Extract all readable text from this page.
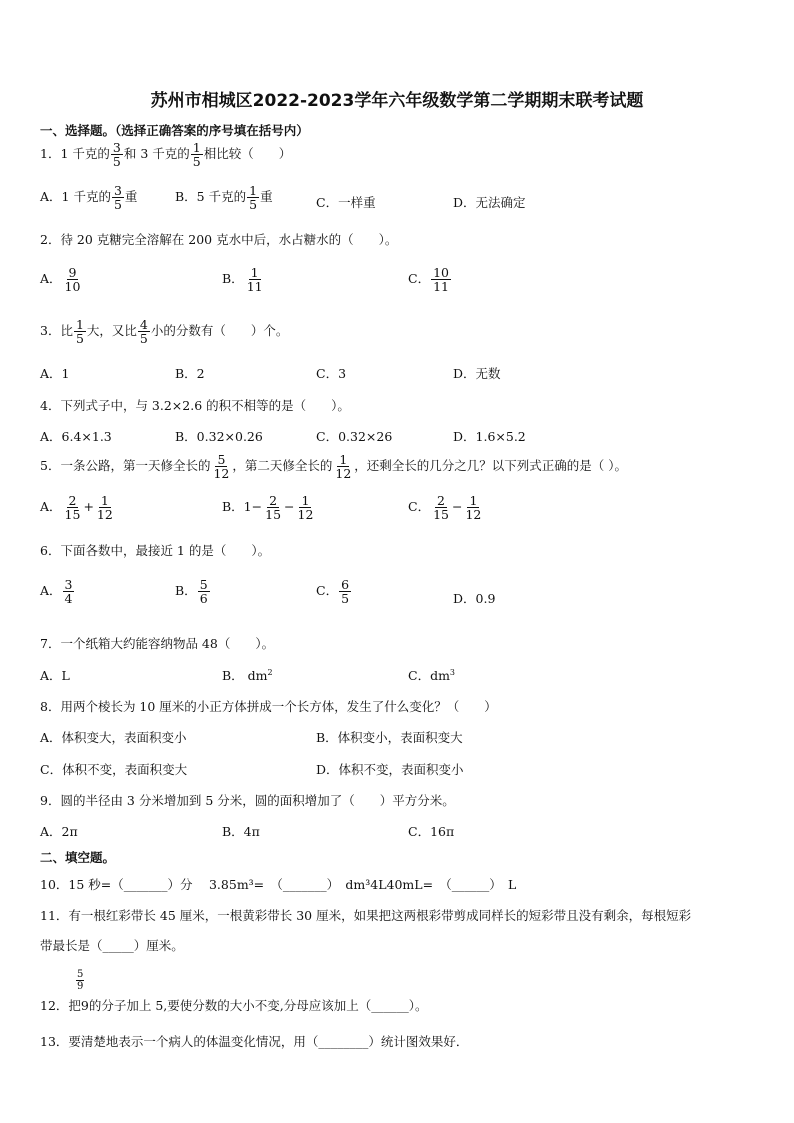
苏州市相城区2022-2023学年六年级数学第二学期期末联考试题
一、选择题。（选择正确答案的序号填在括号内）
1．1 千克的 $\frac{3}{5}$ 和 3 千克的 $\frac{1}{5}$ 相比较（　　）
A．1 千克的 $\frac{3}{5}$ 重	B．5 千克的 $\frac{1}{5}$ 重	C．一样重	D．无法确定
2．待 20 克糖完全溶解在 200 克水中后，水占糖水的（　　）。
A． $\frac{9}{10}$	B． $\frac{1}{11}$	C． $\frac{10}{11}$
3．比 $\frac{1}{5}$ 大，又比 $\frac{4}{5}$ 小的分数有（　　）个。
A．1	B．2	C．3	D．无数
4．下列式子中，与 3.2×2.6 的积不相等的是（　　）。
A．6.4×1.3	B．0.32×0.26	C．0.32×26	D．1.6×5.2
5．一条公路，第一天修全长的 $\frac{5}{12}$ ，第二天修全长的 $\frac{1}{12}$ ，还剩全长的几分之几？以下列式正确的是（ ）。
A． $\frac{2}{15} + \frac{1}{12}$	B．$1- \frac{2}{15} - \frac{1}{12}$	C． $\frac{2}{15} - \frac{1}{12}$
6．下面各数中，最接近 1 的是（　　）。
A． $\frac{3}{4}$	B． $\frac{5}{6}$	C． $\frac{6}{5}$	D．0.9
7．一个纸箱大约能容纳物品 48（　　）。
A．L	B． $dm^2$	C．$dm^3$
8．用两个棱长为 10 厘米的小正方体拼成一个长方体，发生了什么变化？（　　）
A．体积变大，表面积变小	B．体积变小，表面积变大
C．体积不变，表面积变大	D．体积不变，表面积变小
9．圆的半径由 3 分米增加到 5 分米，圆的面积增加了（　　）平方分米。
A．2π	B．4π	C．16π
二、填空题。
10．15 秒=（_______）分　 3.85m³=　（_______）　dm³4L40mL=　（______）　L
11．有一根红彩带长 45 厘米，一根黄彩带长 30 厘米，如果把这两根彩带剪成同样长的短彩带且没有剩余，每根短彩
带最长是（_____）厘米。
$\frac{5}{9}$
12．把9的分子加上 5,要使分数的大小不变,分母应该加上（______）。
13．要清楚地表示一个病人的体温变化情况，用（________）统计图效果好．
